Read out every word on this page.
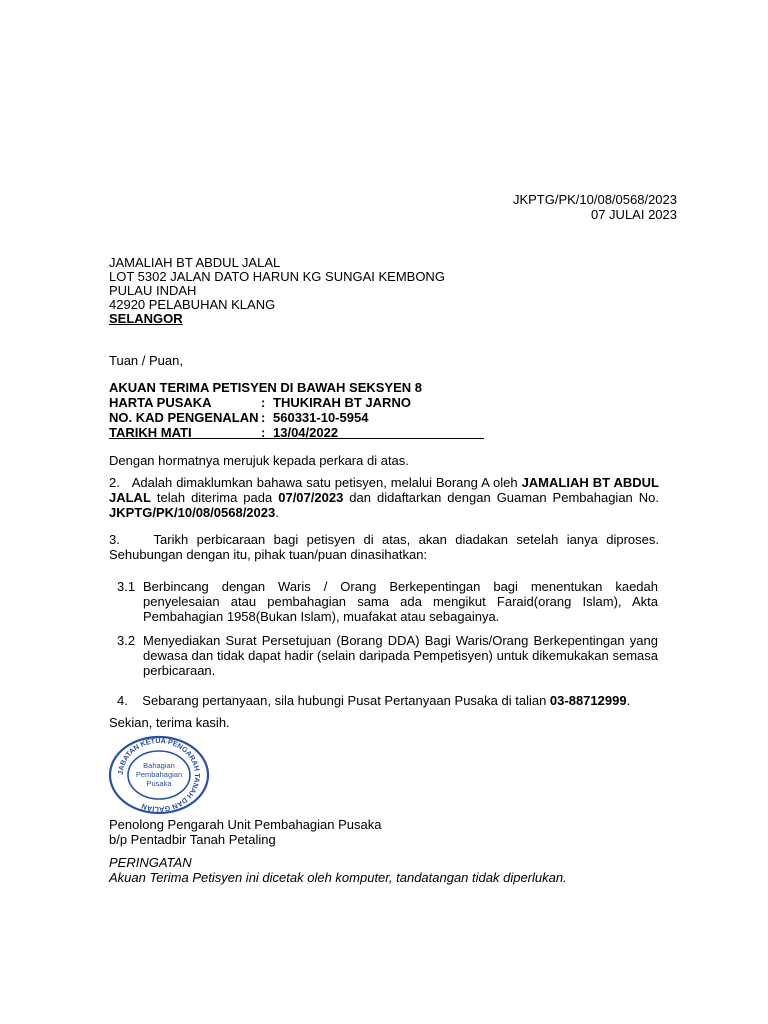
JKPTG/PK/10/08/0568/2023
07 JULAI 2023
JAMALIAH BT ABDUL JALAL
LOT 5302 JALAN DATO HARUN KG SUNGAI KEMBONG
PULAU INDAH
42920 PELABUHAN KLANG
SELANGOR
Tuan / Puan,
AKUAN TERIMA PETISYEN DI BAWAH SEKSYEN 8
HARTA PUSAKA	: THUKIRAH BT JARNO
NO. KAD PENGENALAN : 560331-10-5954
TARIKH MATI	: 13/04/2022
Dengan hormatnya merujuk kepada perkara di atas.
2. Adalah dimaklumkan bahawa satu petisyen, melalui Borang A oleh JAMALIAH BT ABDUL JALAL telah diterima pada 07/07/2023 dan didaftarkan dengan Guaman Pembahagian No. JKPTG/PK/10/08/0568/2023.
3.	Tarikh perbicaraan bagi petisyen di atas, akan diadakan setelah ianya diproses. Sehubungan dengan itu, pihak tuan/puan dinasihatkan:
3.1 Berbincang dengan Waris / Orang Berkepentingan bagi menentukan kaedah penyelesaian atau pembahagian sama ada mengikut Faraid(orang Islam), Akta Pembahagian 1958(Bukan Islam), muafakat atau sebagainya.
3.2 Menyediakan Surat Persetujuan (Borang DDA) Bagi Waris/Orang Berkepentingan yang dewasa dan tidak dapat hadir (selain daripada Pempetisyen) untuk dikemukakan semasa perbicaraan.
4. Sebarang pertanyaan, sila hubungi Pusat Pertanyaan Pusaka di talian 03-88712999.
Sekian, terima kasih.
JABATAN KETUA PENGARAH TANAH DAN GALIAN
Bahagian
Pembahagian
Pusaka
Penolong Pengarah Unit Pembahagian Pusaka
b/p Pentadbir Tanah Petaling
PERINGATAN
Akuan Terima Petisyen ini dicetak oleh komputer, tandatangan tidak diperlukan.
